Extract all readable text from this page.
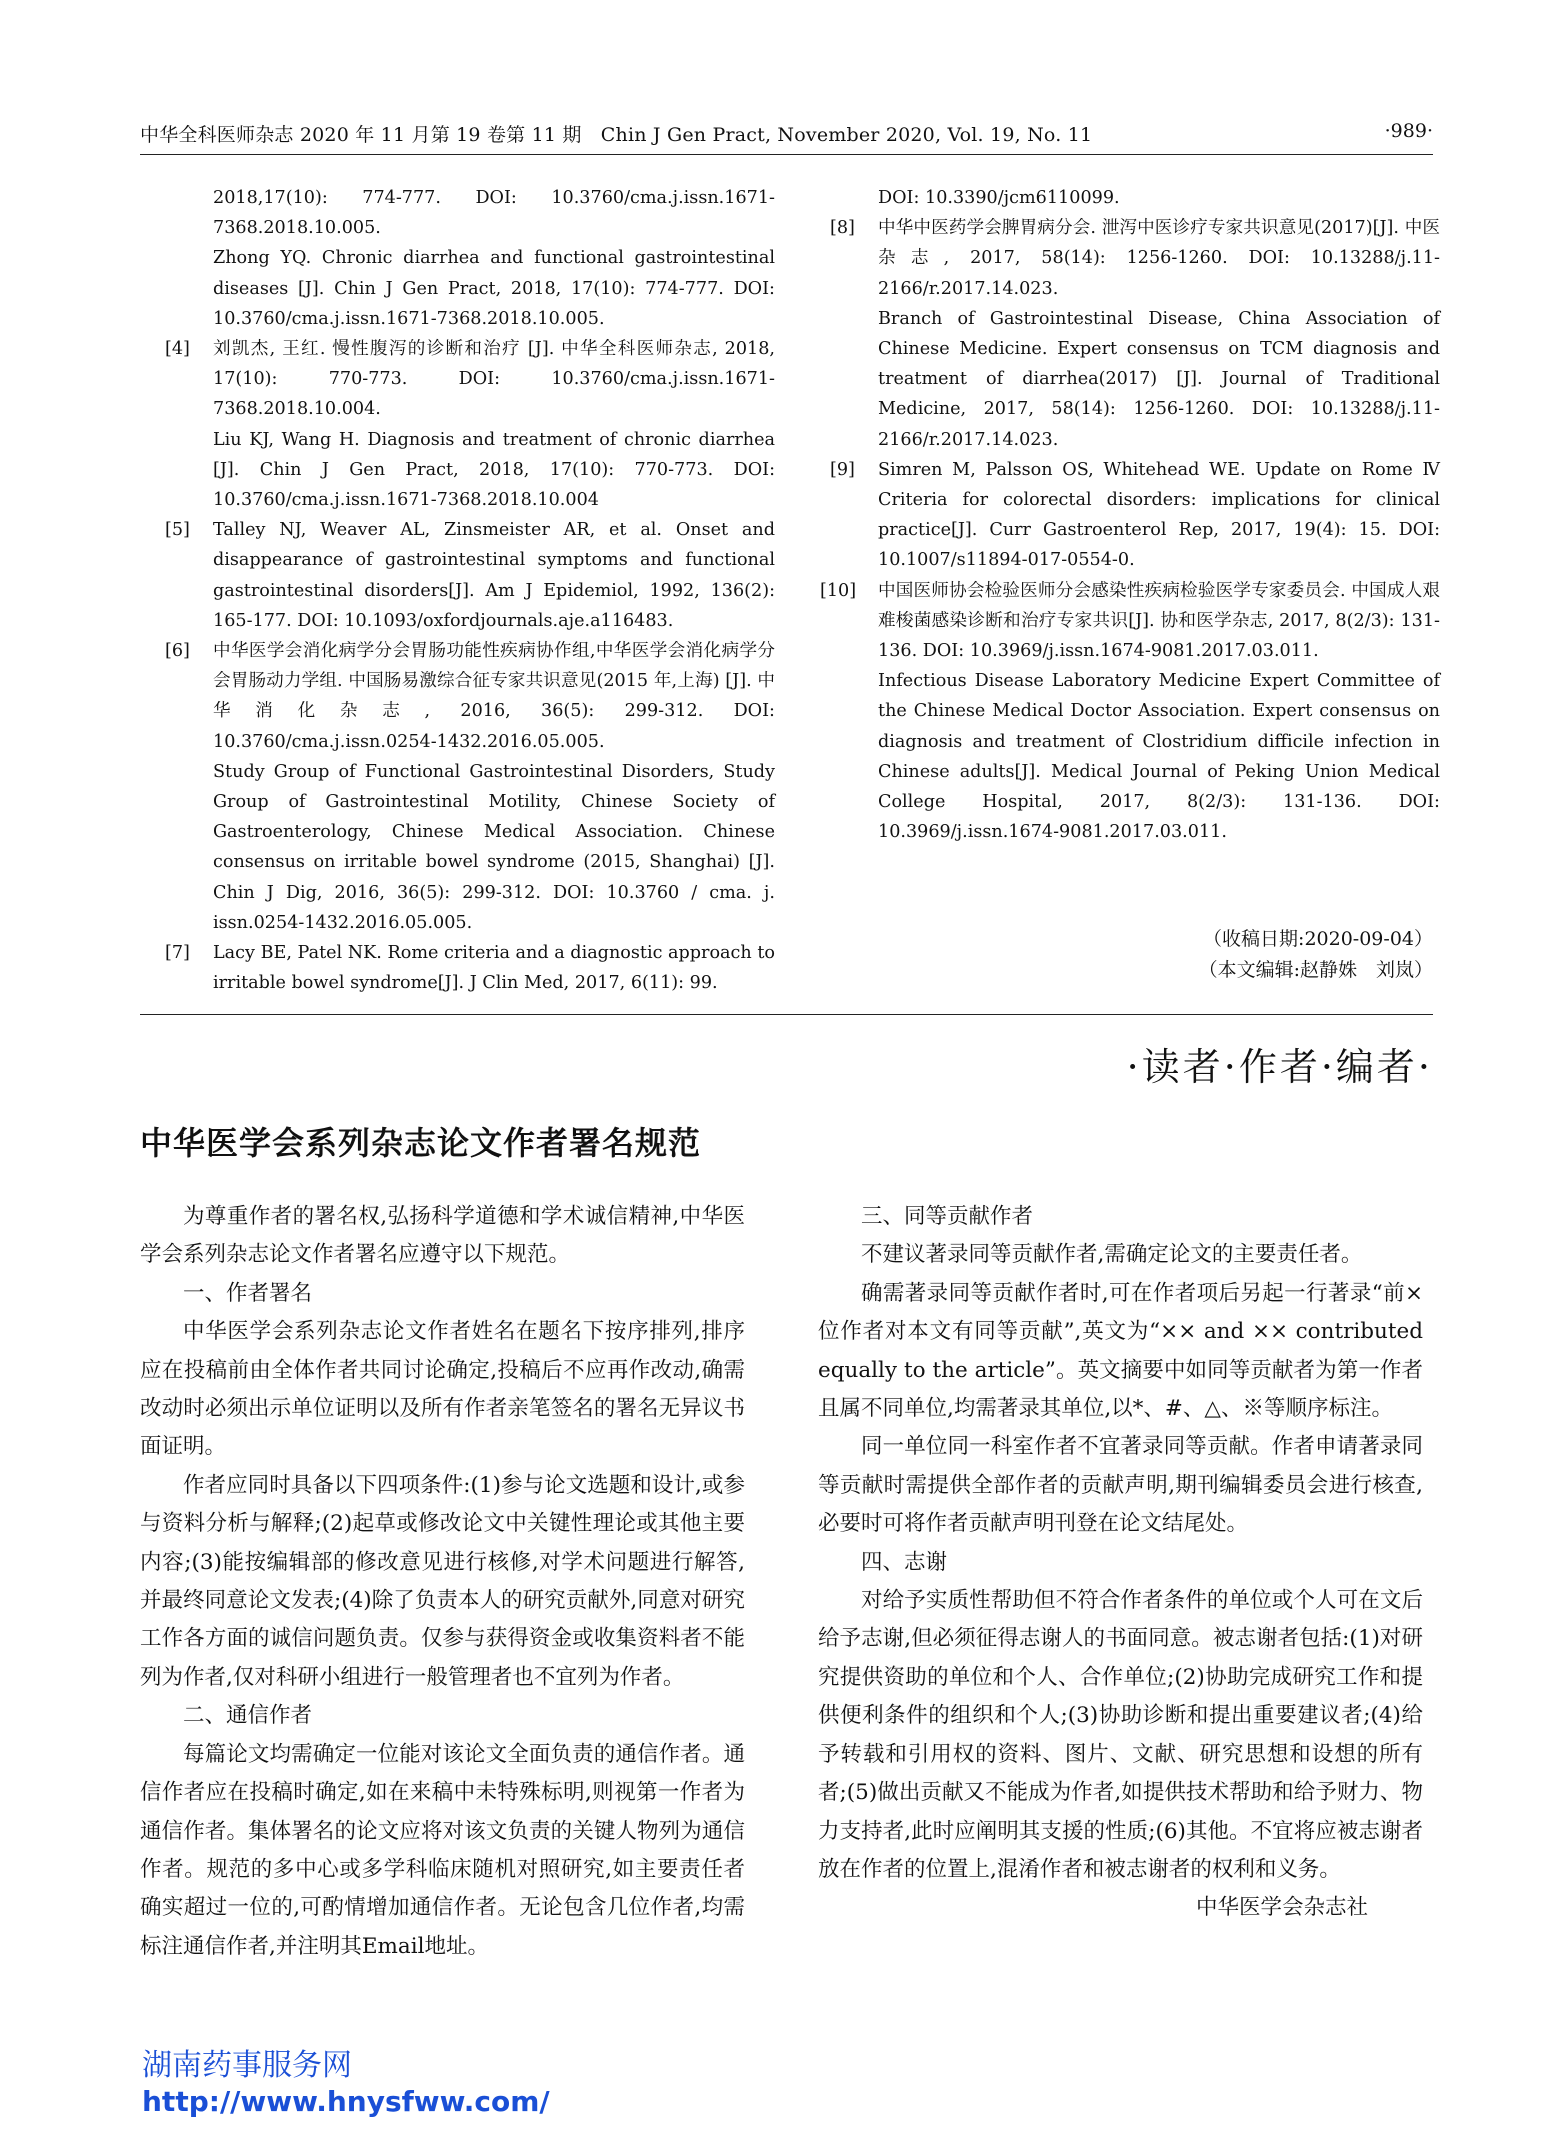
中华全科医师杂志 2020 年 11 月第 19 卷第 11 期　Chin J Gen Pract, November 2020, Vol. 19, No. 11	·989·
2018,17(10): 774-777. DOI: 10.3760/cma.j.issn.1671-7368.2018.10.005.
Zhong YQ. Chronic diarrhea and functional gastrointestinal diseases [J]. Chin J Gen Pract, 2018, 17(10): 774-777. DOI: 10.3760/cma.j.issn.1671-7368.2018.10.005.
[4]	刘凯杰, 王红. 慢性腹泻的诊断和治疗 [J]. 中华全科医师杂志, 2018, 17(10): 770-773. DOI: 10.3760/cma.j.issn.1671-7368.2018.10.004.
Liu KJ, Wang H. Diagnosis and treatment of chronic diarrhea [J]. Chin J Gen Pract, 2018, 17(10): 770-773. DOI: 10.3760/cma.j.issn.1671-7368.2018.10.004
[5]	Talley NJ, Weaver AL, Zinsmeister AR, et al. Onset and disappearance of gastrointestinal symptoms and functional gastrointestinal disorders[J]. Am J Epidemiol, 1992, 136(2): 165-177. DOI: 10.1093/oxfordjournals.aje.a116483.
[6]	中华医学会消化病学分会胃肠功能性疾病协作组,中华医学会消化病学分会胃肠动力学组. 中国肠易激综合征专家共识意见(2015 年,上海) [J]. 中华消化杂志, 2016, 36(5): 299-312. DOI: 10.3760/cma.j.issn.0254-1432.2016.05.005.
Study Group of Functional Gastrointestinal Disorders, Study Group of Gastrointestinal Motility, Chinese Society of Gastroenterology, Chinese Medical Association. Chinese consensus on irritable bowel syndrome (2015, Shanghai) [J]. Chin J Dig, 2016, 36(5): 299-312. DOI: 10.3760 / cma. j. issn.0254-1432.2016.05.005.
[7]	Lacy BE, Patel NK. Rome criteria and a diagnostic approach to irritable bowel syndrome[J]. J Clin Med, 2017, 6(11): 99.
DOI: 10.3390/jcm6110099.
[8]	中华中医药学会脾胃病分会. 泄泻中医诊疗专家共识意见(2017)[J]. 中医杂志, 2017, 58(14): 1256-1260. DOI: 10.13288/j.11-2166/r.2017.14.023.
Branch of Gastrointestinal Disease, China Association of Chinese Medicine. Expert consensus on TCM diagnosis and treatment of diarrhea(2017) [J]. Journal of Traditional Medicine, 2017, 58(14): 1256-1260. DOI: 10.13288/j.11-2166/r.2017.14.023.
[9]	Simren M, Palsson OS, Whitehead WE. Update on Rome Ⅳ Criteria for colorectal disorders: implications for clinical practice[J]. Curr Gastroenterol Rep, 2017, 19(4): 15. DOI: 10.1007/s11894-017-0554-0.
[10] 中国医师协会检验医师分会感染性疾病检验医学专家委员会. 中国成人艰难梭菌感染诊断和治疗专家共识[J]. 协和医学杂志, 2017, 8(2/3): 131-136. DOI: 10.3969/j.issn.1674-9081.2017.03.011.
Infectious Disease Laboratory Medicine Expert Committee of the Chinese Medical Doctor Association. Expert consensus on diagnosis and treatment of Clostridium difficile infection in Chinese adults[J]. Medical Journal of Peking Union Medical College Hospital, 2017, 8(2/3): 131-136. DOI: 10.3969/j.issn.1674-9081.2017.03.011.
（收稿日期:2020-09-04）
（本文编辑:赵静姝　刘岚）
·读者·作者·编者·
中华医学会系列杂志论文作者署名规范

为尊重作者的署名权,弘扬科学道德和学术诚信精神,中华医学会系列杂志论文作者署名应遵守以下规范。

一、作者署名

中华医学会系列杂志论文作者姓名在题名下按序排列,排序应在投稿前由全体作者共同讨论确定,投稿后不应再作改动,确需改动时必须出示单位证明以及所有作者亲笔签名的署名无异议书面证明。

作者应同时具备以下四项条件:(1)参与论文选题和设计,或参与资料分析与解释;(2)起草或修改论文中关键性理论或其他主要内容;(3)能按编辑部的修改意见进行核修,对学术问题进行解答,并最终同意论文发表;(4)除了负责本人的研究贡献外,同意对研究工作各方面的诚信问题负责。仅参与获得资金或收集资料者不能列为作者,仅对科研小组进行一般管理者也不宜列为作者。

二、通信作者

每篇论文均需确定一位能对该论文全面负责的通信作者。通信作者应在投稿时确定,如在来稿中未特殊标明,则视第一作者为通信作者。集体署名的论文应将对该文负责的关键人物列为通信作者。规范的多中心或多学科临床随机对照研究,如主要责任者确实超过一位的,可酌情增加通信作者。无论包含几位作者,均需标注通信作者,并注明其Email地址。

三、同等贡献作者

不建议著录同等贡献作者,需确定论文的主要责任者。

确需著录同等贡献作者时,可在作者项后另起一行著录“前×位作者对本文有同等贡献”,英文为“×× and ×× contributed equally to the article”。英文摘要中如同等贡献者为第一作者且属不同单位,均需著录其单位,以*、#、△、※等顺序标注。

同一单位同一科室作者不宜著录同等贡献。作者申请著录同等贡献时需提供全部作者的贡献声明,期刊编辑委员会进行核查,必要时可将作者贡献声明刊登在论文结尾处。

四、志谢

对给予实质性帮助但不符合作者条件的单位或个人可在文后给予志谢,但必须征得志谢人的书面同意。被志谢者包括:(1)对研究提供资助的单位和个人、合作单位;(2)协助完成研究工作和提供便利条件的组织和个人;(3)协助诊断和提出重要建议者;(4)给予转载和引用权的资料、图片、文献、研究思想和设想的所有者;(5)做出贡献又不能成为作者,如提供技术帮助和给予财力、物力支持者,此时应阐明其支援的性质;(6)其他。不宜将应被志谢者放在作者的位置上,混淆作者和被志谢者的权利和义务。

中华医学会杂志社

湖南药事服务网
http://www.hnysfww.com/
